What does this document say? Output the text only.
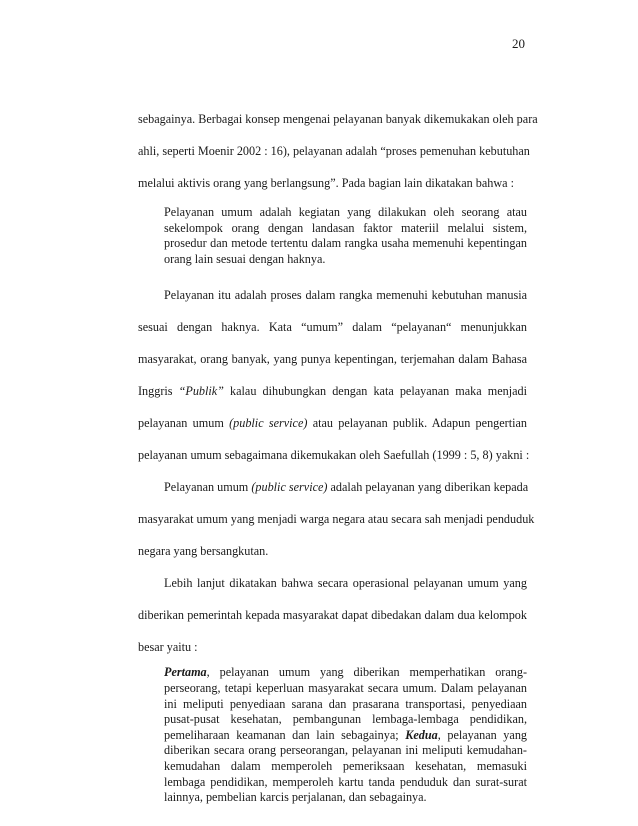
20
sebagainya. Berbagai konsep mengenai pelayanan banyak dikemukakan oleh para
ahli, seperti Moenir 2002 : 16), pelayanan adalah “proses pemenuhan kebutuhan
melalui aktivis orang yang berlangsung”. Pada bagian lain dikatakan bahwa :

Pelayanan umum adalah kegiatan yang dilakukan oleh seorang atau sekelompok orang dengan landasan faktor materiil melalui sistem, prosedur dan metode tertentu dalam rangka usaha memenuhi kepentingan orang lain sesuai dengan haknya.

Pelayanan itu adalah proses dalam rangka memenuhi kebutuhan manusia
sesuai dengan haknya. Kata “umum” dalam “pelayanan“ menunjukkan
masyarakat, orang banyak, yang punya kepentingan, terjemahan dalam Bahasa
Inggris “Publik” kalau dihubungkan dengan kata pelayanan maka menjadi
pelayanan umum (public service) atau pelayanan publik. Adapun pengertian
pelayanan umum sebagaimana dikemukakan oleh Saefullah (1999 : 5, 8) yakni :
Pelayanan umum (public service) adalah pelayanan yang diberikan kepada
masyarakat umum yang menjadi warga negara atau secara sah menjadi penduduk
negara yang bersangkutan.
Lebih lanjut dikatakan bahwa secara operasional pelayanan umum yang
diberikan pemerintah kepada masyarakat dapat dibedakan dalam dua kelompok
besar yaitu :

Pertama, pelayanan umum yang diberikan memperhatikan orang-perseorang, tetapi keperluan masyarakat secara umum. Dalam pelayanan ini meliputi penyediaan sarana dan prasarana transportasi, penyediaan pusat-pusat kesehatan, pembangunan lembaga-lembaga pendidikan, pemeliharaan keamanan dan lain sebagainya; Kedua, pelayanan yang diberikan secara orang perseorangan, pelayanan ini meliputi kemudahan-kemudahan dalam memperoleh pemeriksaan kesehatan, memasuki lembaga pendidikan, memperoleh kartu tanda penduduk dan surat-surat lainnya, pembelian karcis perjalanan, dan sebagainya.
